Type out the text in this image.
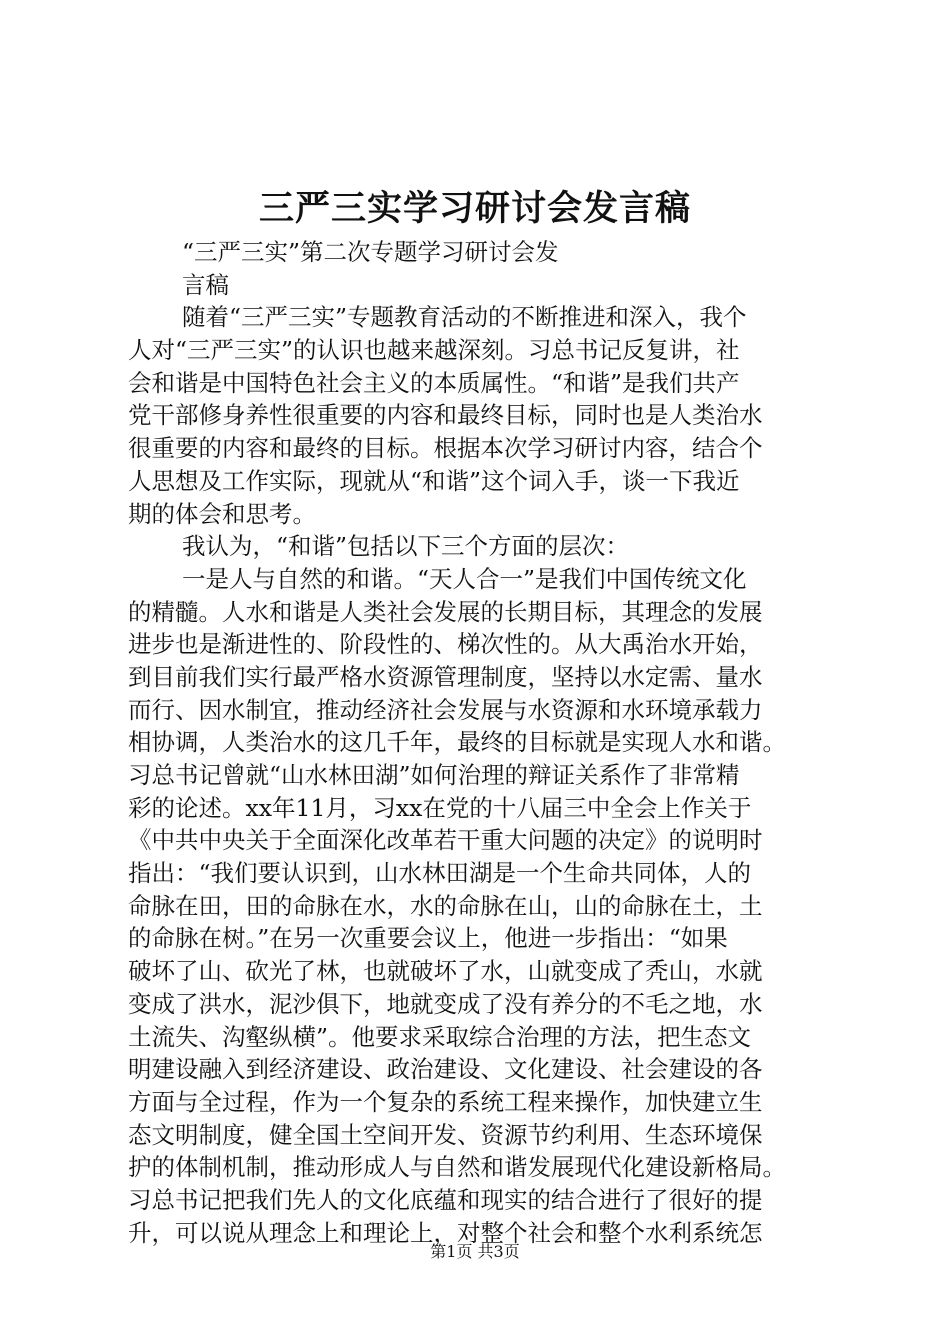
三严三实学习研讨会发言稿
“三严三实”第二次专题学习研讨会发
言稿
随着“三严三实”专题教育活动的不断推进和深入，我个
人对“三严三实”的认识也越来越深刻。习总书记反复讲，社
会和谐是中国特色社会主义的本质属性。“和谐”是我们共产
党干部修身养性很重要的内容和最终目标，同时也是人类治水
很重要的内容和最终的目标。根据本次学习研讨内容，结合个
人思想及工作实际，现就从“和谐”这个词入手，谈一下我近
期的体会和思考。
我认为，“和谐”包括以下三个方面的层次：
一是人与自然的和谐。“天人合一”是我们中国传统文化
的精髓。人水和谐是人类社会发展的长期目标，其理念的发展
进步也是渐进性的、阶段性的、梯次性的。从大禹治水开始，
到目前我们实行最严格水资源管理制度，坚持以水定需、量水
而行、因水制宜，推动经济社会发展与水资源和水环境承载力
相协调，人类治水的这几千年，最终的目标就是实现人水和谐。
习总书记曾就“山水林田湖”如何治理的辩证关系作了非常精
彩的论述。xx年11月，习xx在党的十八届三中全会上作关于
《中共中央关于全面深化改革若干重大问题的决定》的说明时
指出：“我们要认识到，山水林田湖是一个生命共同体，人的
命脉在田，田的命脉在水，水的命脉在山，山的命脉在土，土
的命脉在树。”在另一次重要会议上，他进一步指出：“如果
破坏了山、砍光了林，也就破坏了水，山就变成了秃山，水就
变成了洪水，泥沙俱下，地就变成了没有养分的不毛之地，水
土流失、沟壑纵横”。他要求采取综合治理的方法，把生态文
明建设融入到经济建设、政治建设、文化建设、社会建设的各
方面与全过程，作为一个复杂的系统工程来操作，加快建立生
态文明制度，健全国土空间开发、资源节约利用、生态环境保
护的体制机制，推动形成人与自然和谐发展现代化建设新格局。
习总书记把我们先人的文化底蕴和现实的结合进行了很好的提
升，可以说从理念上和理论上，对整个社会和整个水利系统怎
第1页 共3页
